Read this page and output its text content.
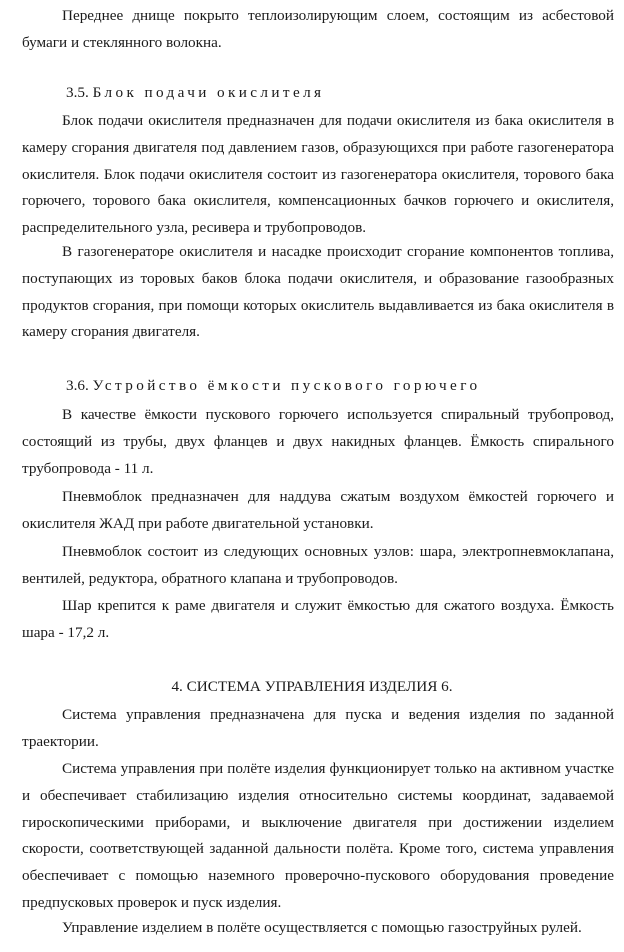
Переднее днище покрыто теплоизолирующим слоем, состоящим из асбестовой бумаги и стеклянного волокна.

3.5. Блок подачи окислителя

Блок подачи окислителя предназначен для подачи окислителя из бака окислителя в камеру сгорания двигателя под давлением газов, образующихся при работе газогенератора окислителя. Блок подачи окислителя состоит из газогенератора окислителя, торового бака горючего, торового бака окислителя, компенсационных бачков горючего и окислителя, распределительного узла, ресивера и трубопроводов.

В газогенераторе окислителя и насадке происходит сгорание компонентов топлива, поступающих из торовых баков блока подачи окислителя, и образование газообразных продуктов сгорания, при помощи которых окислитель выдавливается из бака окислителя в камеру сгорания двигателя.

3.6. Устройство ёмкости пускового горючего

В качестве ёмкости пускового горючего используется спиральный трубопровод, состоящий из трубы, двух фланцев и двух накидных фланцев. Ёмкость спирального трубопровода - 11 л.

Пневмоблок предназначен для наддува сжатым воздухом ёмкостей горючего и окислителя ЖАД при работе двигательной установки.

Пневмоблок состоит из следующих основных узлов: шара, электропневмоклапана, вентилей, редуктора, обратного клапана и трубопроводов.

Шар крепится к раме двигателя и служит ёмкостью для сжатого воздуха. Ёмкость шара - 17,2 л.

4. СИСТЕМА УПРАВЛЕНИЯ ИЗДЕЛИЯ 6.

Система управления предназначена для пуска и ведения изделия по заданной траектории.

Система управления при полёте изделия функционирует только на активном участке и обеспечивает стабилизацию изделия относительно системы координат, задаваемой гироскопическими приборами, и выключение двигателя при достижении изделием скорости, соответствующей заданной дальности полёта. Кроме того, система управления обеспечивает с помощью наземного проверочно-пускового оборудования проведение предпусковых проверок и пуск изделия.

Управление изделием в полёте осуществляется с помощью газоструйных рулей.
